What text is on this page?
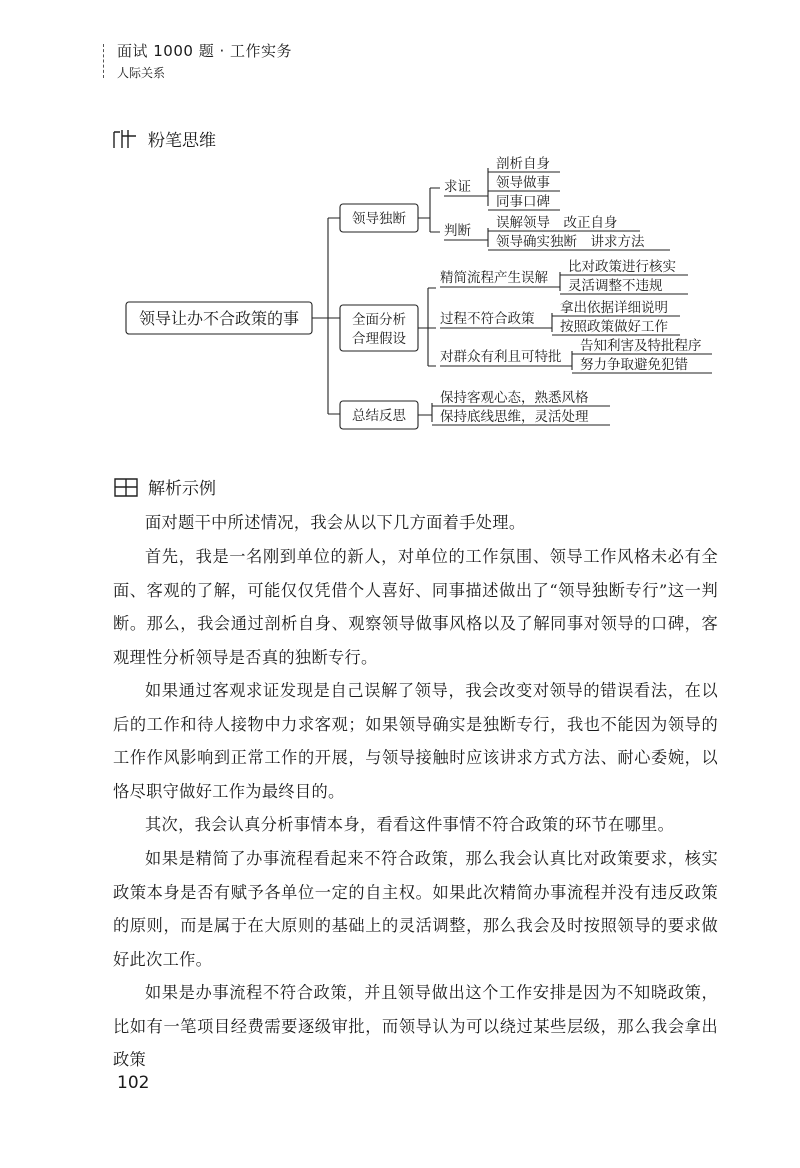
面试 1000 题 · 工作实务
人际关系
粉笔思维
领导让办不合政策的事
领导独断
求证
剖析自身
领导做事
同事口碑
判断 误解领导　改正自身
领导确实独断　讲求方法
全面分析
合理假设
精简流程产生误解
比对政策进行核实
灵活调整不违规
过程不符合政策
拿出依据详细说明
按照政策做好工作
对群众有利且可特批
告知利害及特批程序
努力争取避免犯错
总结反思
保持客观心态，熟悉风格
保持底线思维，灵活处理
解析示例
面对题干中所述情况，我会从以下几方面着手处理。
首先，我是一名刚到单位的新人，对单位的工作氛围、领导工作风格未必有全面、客观的了解，可能仅仅凭借个人喜好、同事描述做出了“领导独断专行”这一判断。那么，我会通过剖析自身、观察领导做事风格以及了解同事对领导的口碑，客观理性分析领导是否真的独断专行。
如果通过客观求证发现是自己误解了领导，我会改变对领导的错误看法，在以后的工作和待人接物中力求客观；如果领导确实是独断专行，我也不能因为领导的工作作风影响到正常工作的开展，与领导接触时应该讲求方式方法、耐心委婉，以恪尽职守做好工作为最终目的。
其次，我会认真分析事情本身，看看这件事情不符合政策的环节在哪里。
如果是精简了办事流程看起来不符合政策，那么我会认真比对政策要求，核实政策本身是否有赋予各单位一定的自主权。如果此次精简办事流程并没有违反政策的原则，而是属于在大原则的基础上的灵活调整，那么我会及时按照领导的要求做好此次工作。
如果是办事流程不符合政策，并且领导做出这个工作安排是因为不知晓政策，比如有一笔项目经费需要逐级审批，而领导认为可以绕过某些层级，那么我会拿出政策
102
